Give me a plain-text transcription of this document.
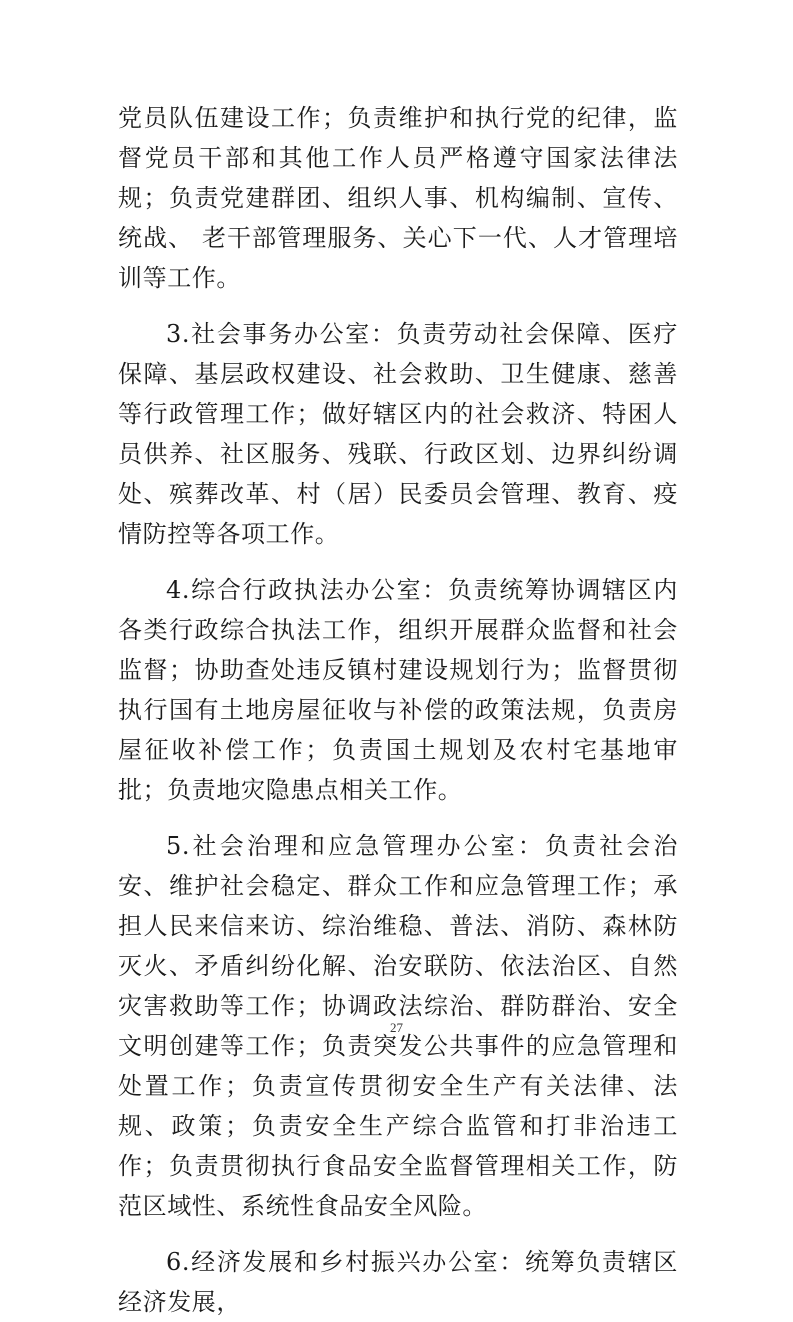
党员队伍建设工作；负责维护和执行党的纪律，监督党员干部和其他工作人员严格遵守国家法律法规；负责党建群团、组织人事、机构编制、宣传、统战、 老干部管理服务、关心下一代、人才管理培训等工作。

3.社会事务办公室：负责劳动社会保障、医疗保障、基层政权建设、社会救助、卫生健康、慈善等行政管理工作；做好辖区内的社会救济、特困人员供养、社区服务、残联、行政区划、边界纠纷调处、殡葬改革、村（居）民委员会管理、教育、疫情防控等各项工作。

4.综合行政执法办公室：负责统筹协调辖区内各类行政综合执法工作，组织开展群众监督和社会监督；协助查处违反镇村建设规划行为；监督贯彻执行国有土地房屋征收与补偿的政策法规，负责房屋征收补偿工作；负责国土规划及农村宅基地审批；负责地灾隐患点相关工作。

5.社会治理和应急管理办公室：负责社会治安、维护社会稳定、群众工作和应急管理工作；承担人民来信来访、综治维稳、普法、消防、森林防灭火、矛盾纠纷化解、治安联防、依法治区、自然灾害救助等工作；协调政法综治、群防群治、安全文明创建等工作；负责突发公共事件的应急管理和处置工作；负责宣传贯彻安全生产有关法律、法规、政策；负责安全生产综合监管和打非治违工作；负责贯彻执行食品安全监督管理相关工作，防范区域性、系统性食品安全风险。

6.经济发展和乡村振兴办公室：统筹负责辖区经济发展，

27
